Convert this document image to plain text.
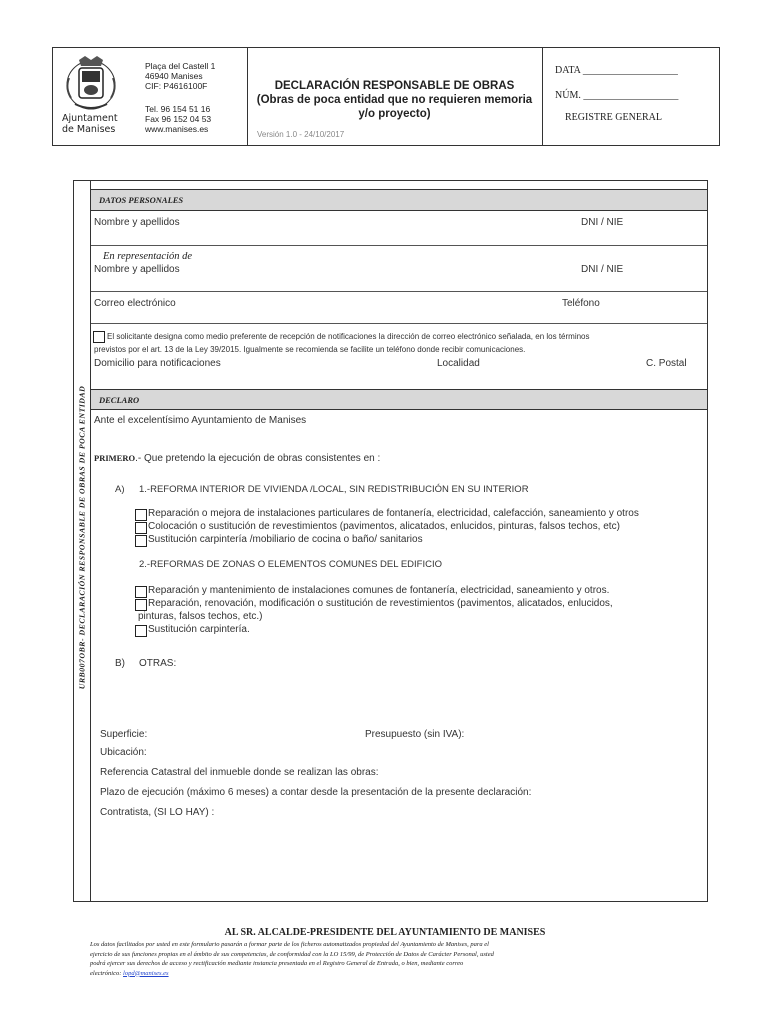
Ajuntament
de Manises
Plaça del Castell 1
46940 Manises
CIF: P4616100F
Tel. 96 154 51 16
Fax 96 152 04 53
www.manises.es
DECLARACIÓN RESPONSABLE DE OBRAS
(Obras de poca entidad que no requieren memoria
y/o proyecto)
Versión 1.0 - 24/10/2017
DATA ___________________
NÚM. ___________________
REGISTRE GENERAL
URB007OBR- DECLARACIÓN RESPONSABLE DE OBRAS DE POCA ENTIDAD
DATOS PERSONALES
Nombre y apellidos	DNI / NIE
En representación de
Nombre y apellidos	DNI / NIE
Correo electrónico	Teléfono
El solicitante designa como medio preferente de recepción de notificaciones la dirección de correo electrónico señalada, en los términos
previstos por el art. 13 de la Ley 39/2015. Igualmente se recomienda se facilite un teléfono donde recibir comunicaciones.
Domicilio para notificaciones	Localidad	C. Postal
DECLARO
Ante el excelentísimo Ayuntamiento de Manises
PRIMERO.- Que pretendo la ejecución de obras consistentes en :
A) 1.-REFORMA INTERIOR DE VIVIENDA /LOCAL, SIN REDISTRIBUCIÓN EN SU INTERIOR
Reparación o mejora de instalaciones particulares de fontanería, electricidad, calefacción, saneamiento y otros
Colocación o sustitución de revestimientos (pavimentos, alicatados, enlucidos, pinturas, falsos techos, etc)
Sustitución carpintería /mobiliario de cocina o baño/ sanitarios
2.-REFORMAS DE ZONAS O ELEMENTOS COMUNES DEL EDIFICIO
Reparación y mantenimiento de instalaciones comunes de fontanería, electricidad, saneamiento y otros.
Reparación, renovación, modificación o sustitución de revestimientos (pavimentos, alicatados, enlucidos,
pinturas, falsos techos, etc.)
Sustitución carpintería.
B) OTRAS:
Superficie:	Presupuesto (sin IVA):
Ubicación:
Referencia Catastral del inmueble donde se realizan las obras:
Plazo de ejecución (máximo 6 meses) a contar desde la presentación de la presente declaración:
Contratista, (SI LO HAY) :
AL SR. ALCALDE-PRESIDENTE DEL AYUNTAMIENTO DE MANISES
Los datos facilitados por usted en este formulario pasarán a formar parte de los ficheros automatizados propiedad del Ayuntamiento de Manises, para el
ejercicio de sus funciones propias en el ámbito de sus competencias, de conformidad con la LO 15/99, de Protección de Datos de Carácter Personal, usted
podrá ejercer sus derechos de acceso y rectificación mediante instancia presentada en el Registro General de Entrada, o bien, mediante correo
electrónico: lopd@manises.es
